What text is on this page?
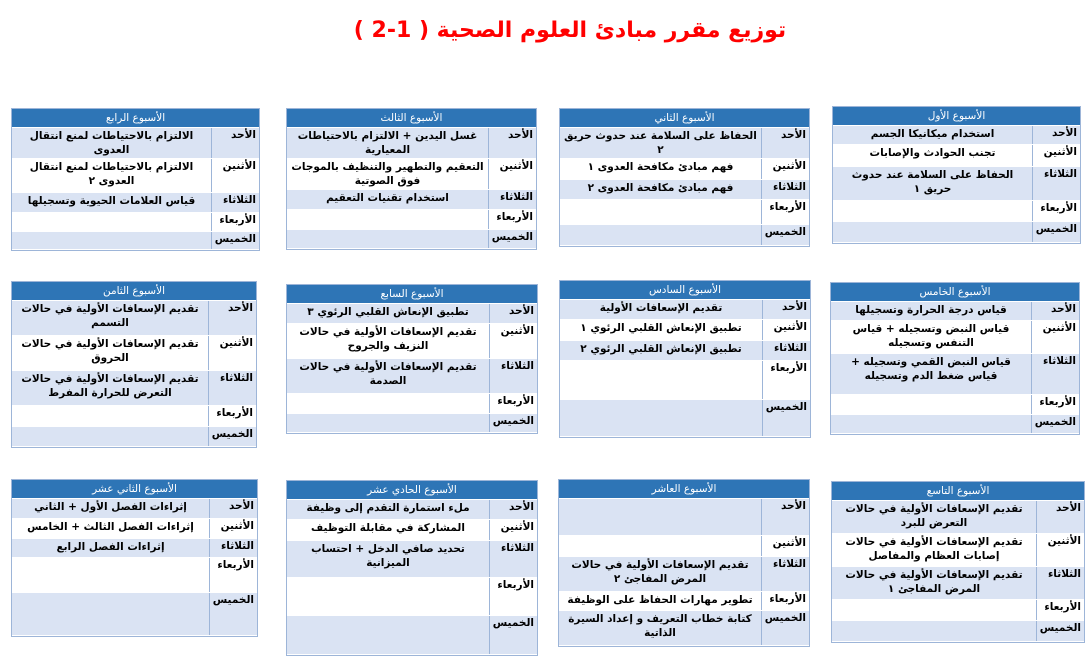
توزيع مقرر مبادئ العلوم الصحية ( 1-2 )
الأسبوع الأول
الأحد
استخدام ميكانيكا الجسم
الأثنين
تجنب الحوادث والإصابات
الثلاثاء
الحفاظ على السلامة عند حدوث حريق ١
الأربعاء
الخميس
الأسبوع الثاني
الأحد
الحفاظ على السلامة عند حدوث حريق ٢
الأثنين
فهم مبادئ مكافحة العدوى ١
الثلاثاء
فهم مبادئ مكافحة العدوى ٢
الأربعاء
الخميس
الأسبوع الثالث
الأحد
غسل اليدين + الالتزام بالاحتياطات المعيارية
الأثنين
التعقيم والتطهير والتنظيف بالموجات فوق الصوتية
الثلاثاء
استخدام تقنيات التعقيم
الأربعاء
الخميس
الأسبوع الرابع
الأحد
الالتزام بالاحتياطات لمنع انتقال العدوى
الأثنين
الالتزام بالاحتياطات لمنع انتقال العدوى ٢
الثلاثاء
قياس العلامات الحيوية وتسجيلها
الأربعاء
الخميس
الأسبوع الخامس
الأحد
قياس درجة الحرارة وتسجيلها
الأثنين
قياس النبض وتسجيله + قياس التنفس وتسجيله
الثلاثاء
قياس النبض القمي وتسجيله + قياس ضغط الدم وتسجيله
الأربعاء
الخميس
الأسبوع السادس
الأحد
تقديم الإسعافات الأولية
الأثنين
تطبيق الإنعاش القلبي الرئوي ١
الثلاثاء
تطبيق الإنعاش القلبي الرئوي ٢
الأربعاء
الخميس
الأسبوع السابع
الأحد
تطبيق الإنعاش القلبي الرئوي ٣
الأثنين
تقديم الإسعافات الأولية في حالات النزيف والجروح
الثلاثاء
تقديم الإسعافات الأولية في حالات الصدمة
الأربعاء
الخميس
الأسبوع الثامن
الأحد
تقديم الإسعافات الأولية في حالات التسمم
الأثنين
تقديم الإسعافات الأولية في حالات الحروق
الثلاثاء
تقديم الإسعافات الأولية في حالات التعرض للحرارة المفرط
الأربعاء
الخميس
الأسبوع التاسع
الأحد
تقديم الإسعافات الأولية في حالات التعرض للبرد
الأثنين
تقديم الإسعافات الأولية في حالات إصابات العظام والمفاصل
الثلاثاء
تقديم الإسعافات الأولية في حالات المرض المفاجئ ١
الأربعاء
الخميس
الأسبوع العاشر
الأحد
الأثنين
الثلاثاء
تقديم الإسعافات الأولية في حالات المرض المفاجئ ٢
الأربعاء
تطوير مهارات الحفاظ على الوظيفة
الخميس
كتابة خطاب التعريف و إعداد السيرة الذاتية
الأسبوع الحادي عشر
الأحد
ملء استمارة التقدم إلى وظيفة
الأثنين
المشاركة في مقابلة التوظيف
الثلاثاء
تحديد صافي الدخل + احتساب الميزانية
الأربعاء
الخميس
الأسبوع الثاني عشر
الأحد
إثراءات الفصل الأول + الثاني
الأثنين
إثراءات الفصل الثالث + الخامس
الثلاثاء
إثراءات الفصل الرابع
الأربعاء
الخميس
